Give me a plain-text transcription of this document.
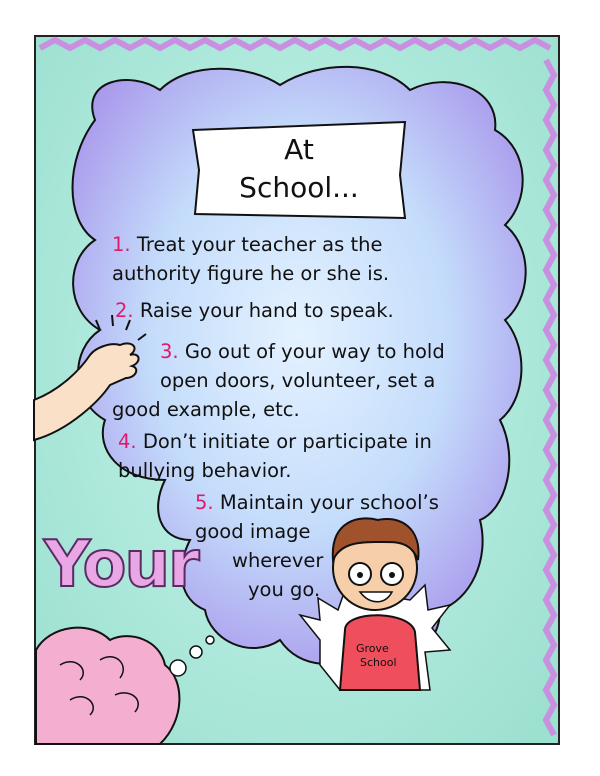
Grove
School
At
School...
1. Treat your teacher as the
authority figure he or she is.
2. Raise your hand to speak.
3. Go out of your way to hold
open doors, volunteer, set a
good example, etc.
4. Don’t initiate or participate in
bullying behavior.
5. Maintain your school’s
good image
wherever
you go.
Your
